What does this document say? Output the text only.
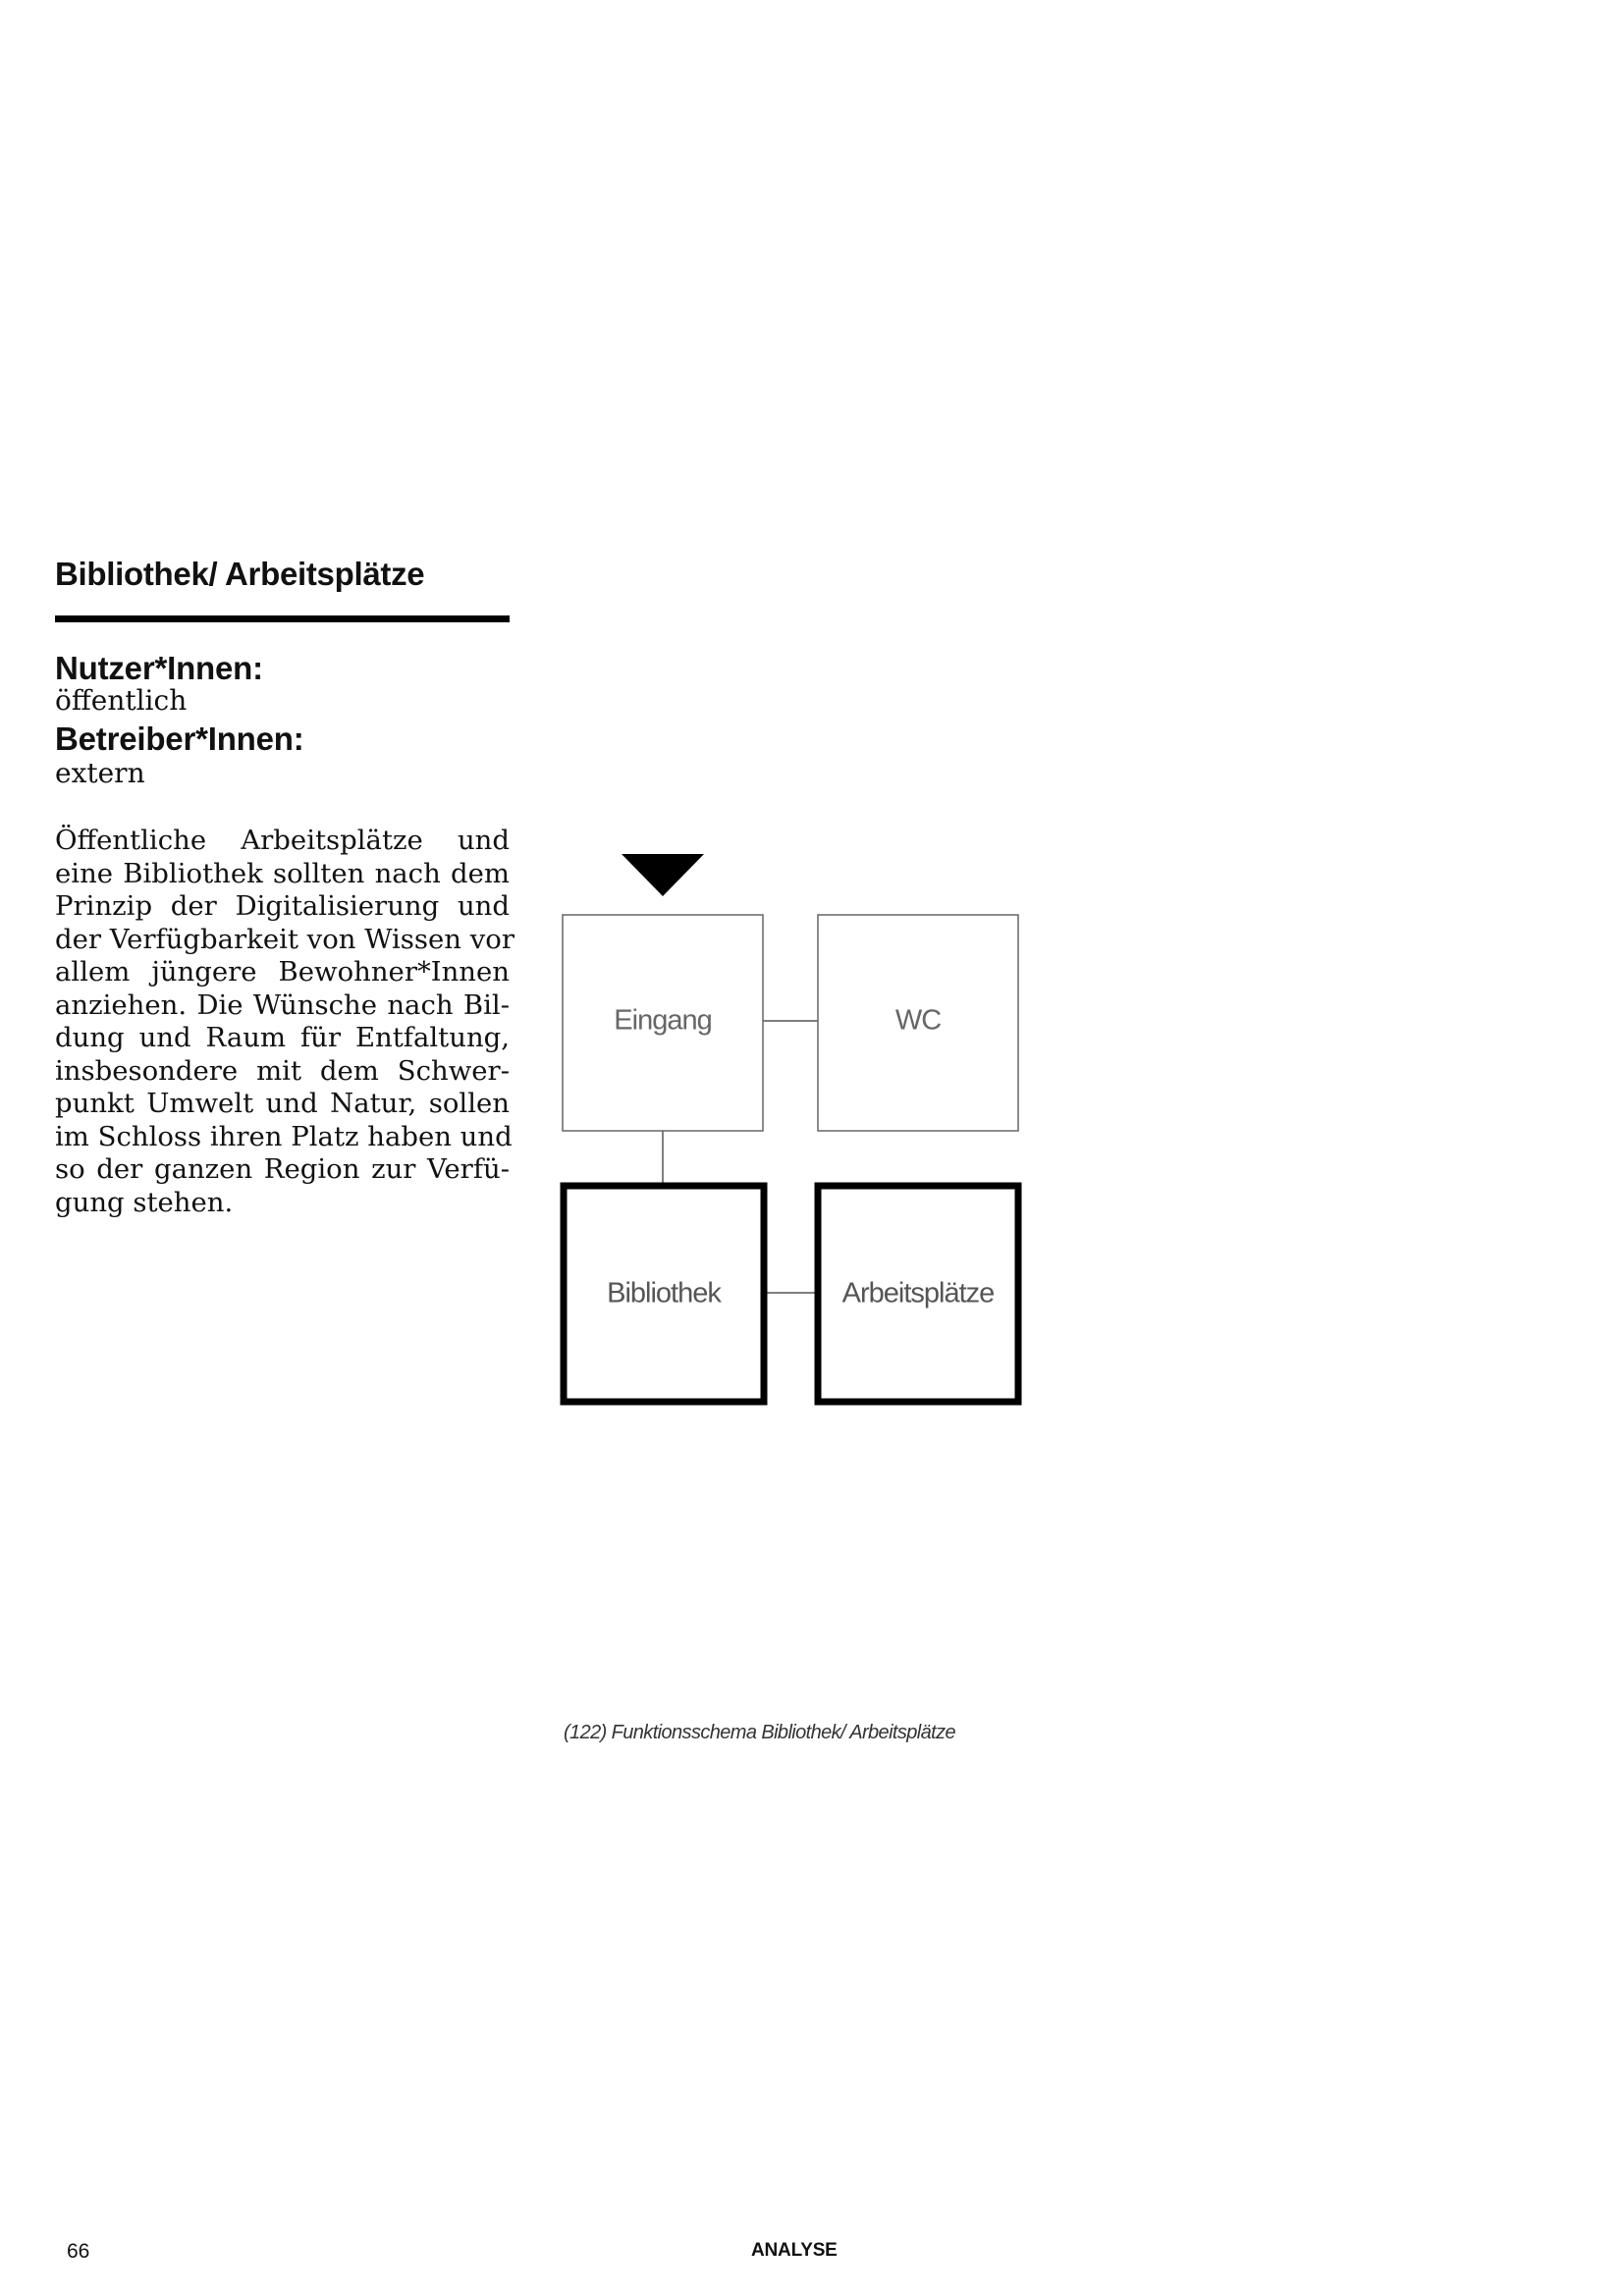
Bibliothek/ Arbeitsplätze
Nutzer*Innen:
öffentlich
Betreiber*Innen:
extern
Öffentliche Arbeitsplätze und
eine Bibliothek sollten nach dem
Prinzip der Digitalisierung und
der Verfügbarkeit von Wissen vor
allem jüngere Bewohner*Innen
anziehen. Die Wünsche nach Bil-
dung und Raum für Entfaltung,
insbesondere mit dem Schwer-
punkt Umwelt und Natur, sollen
im Schloss ihren Platz haben und
so der ganzen Region zur Verfü-
gung stehen.
Eingang	WC
Bibliothek	Arbeitsplätze
(122) Funktionsschema Bibliothek/ Arbeitsplätze
66	ANALYSE
